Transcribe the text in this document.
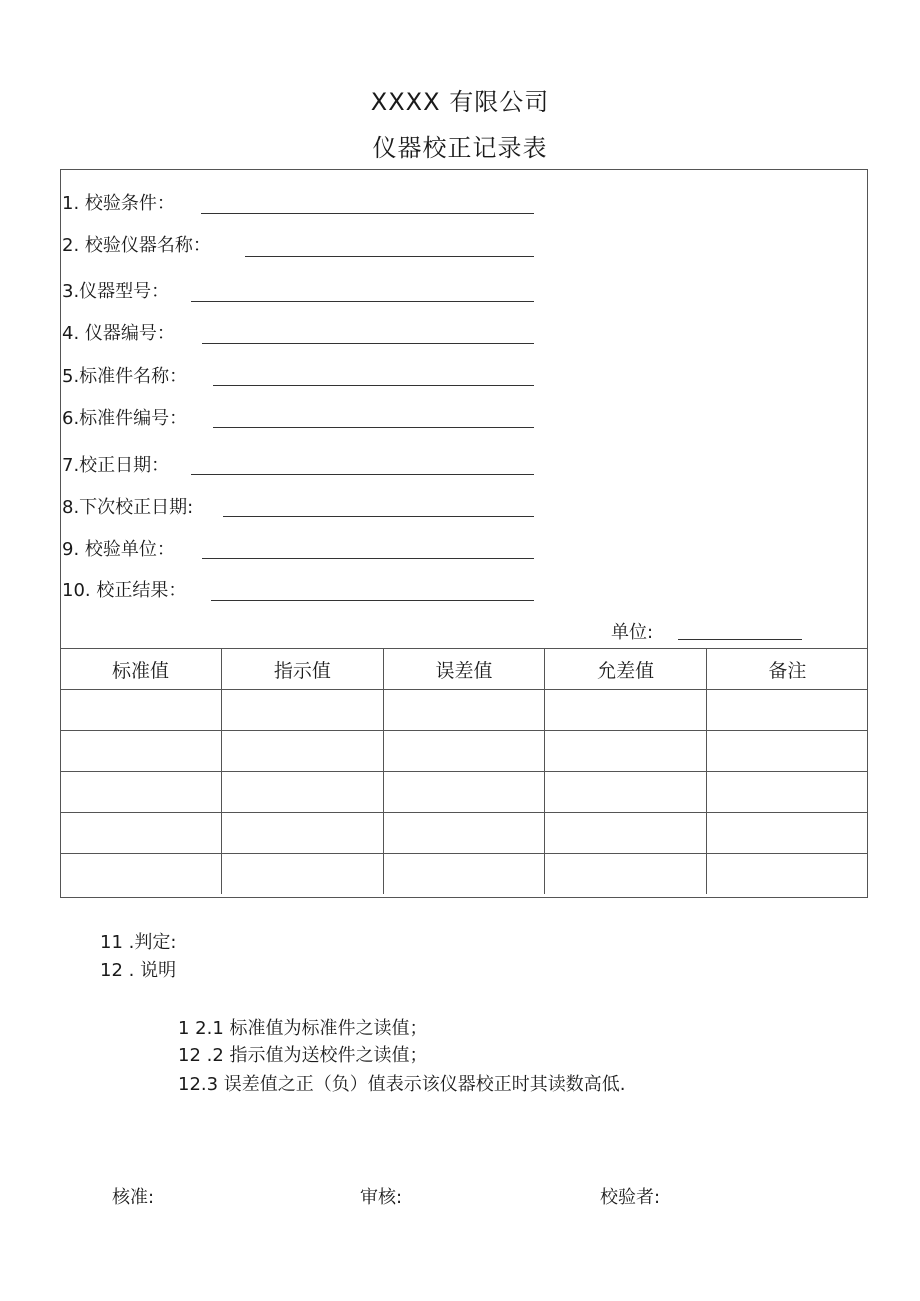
XXXX 有限公司
仪器校正记录表
1. 校验条件：
2. 校验仪器名称：
3.仪器型号：
4. 仪器编号：
5.标准件名称：
6.标准件编号：
7.校正日期：
8.下次校正日期:
9. 校验单位：
10. 校正结果：
单位:
标准值	指示值	误差值	允差值	备注

11 .判定:
12 . 说明
1 2.1 标准值为标准件之读值；
12 .2 指示值为送校件之读值；
12.3 误差值之正（负）值表示该仪器校正时其读数高低.
核准:	审核:	校验者:
